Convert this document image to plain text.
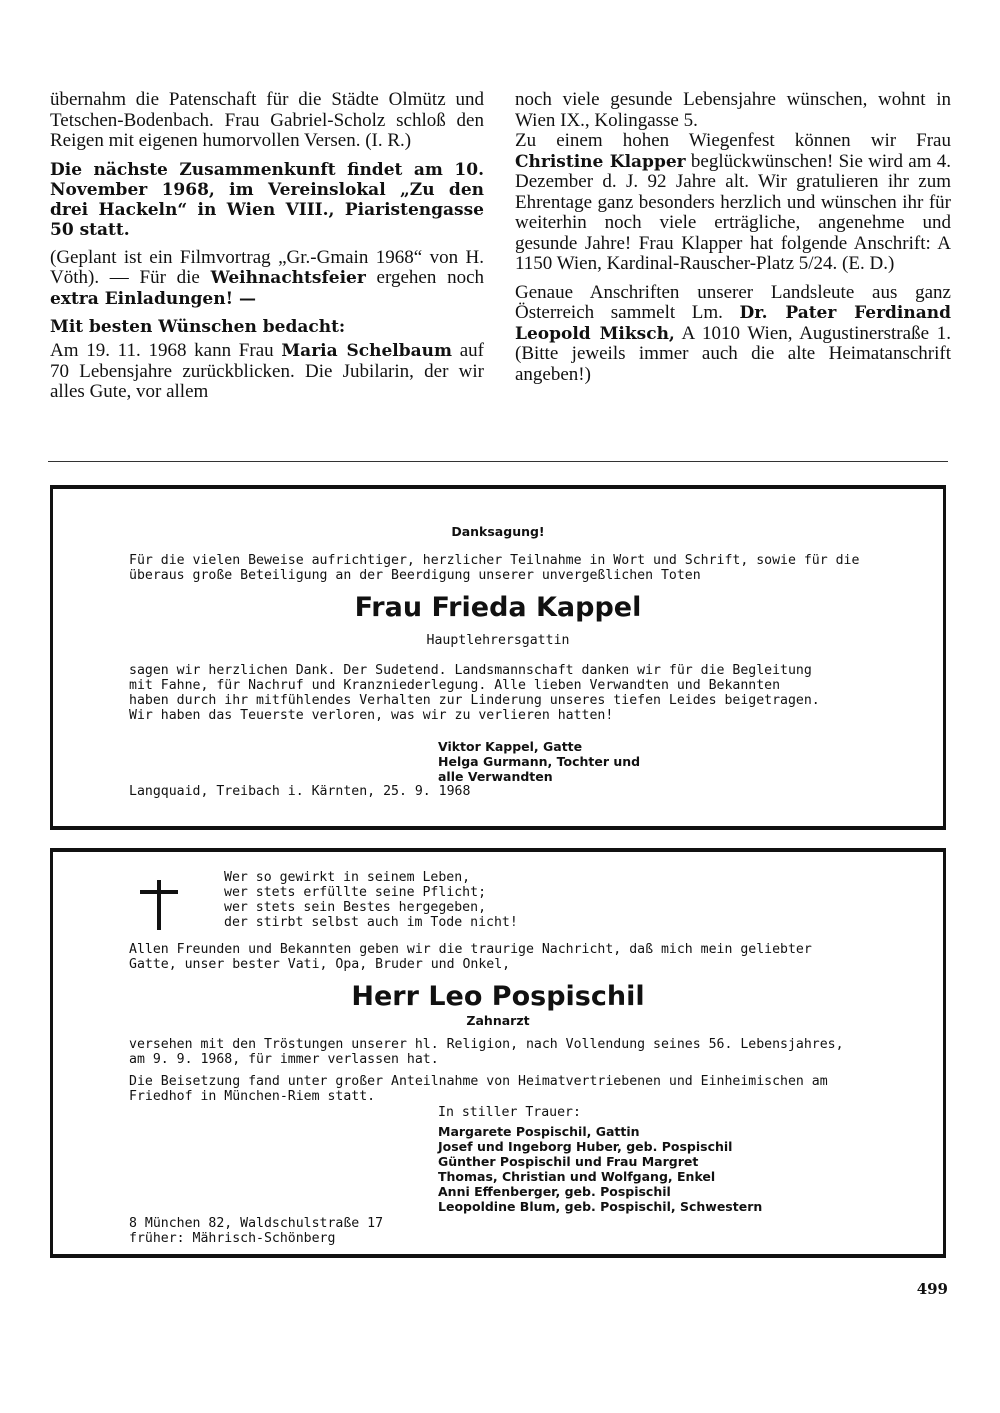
übernahm die Patenschaft für die Städte Olmütz und Tetschen-Bodenbach. Frau Gabriel-Scholz schloß den Reigen mit eigenen humorvollen Versen. (I. R.)

Die nächste Zusammenkunft findet am 10. November 1968, im Vereinslokal „Zu den drei Hackeln“ in Wien VIII., Piaristengasse 50 statt.

(Geplant ist ein Filmvortrag „Gr.-Gmain 1968“ von H. Vöth). — Für die Weihnachtsfeier ergehen noch extra Einladungen! —

Mit besten Wünschen bedacht:

Am 19. 11. 1968 kann Frau Maria Schelbaum auf 70 Lebensjahre zurückblicken. Die Jubilarin, der wir alles Gute, vor allem

noch viele gesunde Lebensjahre wünschen, wohnt in Wien IX., Kolingasse 5.

Zu einem hohen Wiegenfest können wir Frau Christine Klapper beglückwünschen! Sie wird am 4. Dezember d. J. 92 Jahre alt. Wir gratulieren ihr zum Ehrentage ganz besonders herzlich und wünschen ihr für weiterhin noch viele erträgliche, angenehme und gesunde Jahre! Frau Klapper hat folgende Anschrift: A 1150 Wien, Kardinal-Rauscher-Platz 5/24. (E. D.)

Genaue Anschriften unserer Landsleute aus ganz Österreich sammelt Lm. Dr. Pater Ferdinand Leopold Miksch, A 1010 Wien, Augustinerstraße 1. (Bitte jeweils immer auch die alte Heimatanschrift angeben!)

Danksagung!
Für die vielen Beweise aufrichtiger, herzlicher Teilnahme in Wort und Schrift, sowie für die
überaus große Beteiligung an der Beerdigung unserer unvergeßlichen Toten
Frau Frieda Kappel
Hauptlehrersgattin
sagen wir herzlichen Dank. Der Sudetend. Landsmannschaft danken wir für die Begleitung
mit Fahne, für Nachruf und Kranzniederlegung. Alle lieben Verwandten und Bekannten
haben durch ihr mitfühlendes Verhalten zur Linderung unseres tiefen Leides beigetragen.
Wir haben das Teuerste verloren, was wir zu verlieren hatten!
Viktor Kappel, Gatte
Helga Gurmann, Tochter und
alle Verwandten
Langquaid, Treibach i. Kärnten, 25. 9. 1968
Wer so gewirkt in seinem Leben,
wer stets erfüllte seine Pflicht;
wer stets sein Bestes hergegeben,
der stirbt selbst auch im Tode nicht!
Allen Freunden und Bekannten geben wir die traurige Nachricht, daß mich mein geliebter
Gatte, unser bester Vati, Opa, Bruder und Onkel,
Herr Leo Pospischil
Zahnarzt
versehen mit den Tröstungen unserer hl. Religion, nach Vollendung seines 56. Lebensjahres,
am 9. 9. 1968, für immer verlassen hat.
Die Beisetzung fand unter großer Anteilnahme von Heimatvertriebenen und Einheimischen am
Friedhof in München-Riem statt.
In stiller Trauer:
Margarete Pospischil, Gattin
Josef und Ingeborg Huber, geb. Pospischil
Günther Pospischil und Frau Margret
Thomas, Christian und Wolfgang, Enkel
Anni Effenberger, geb. Pospischil
Leopoldine Blum, geb. Pospischil, Schwestern
8 München 82, Waldschulstraße 17
früher: Mährisch-Schönberg
499
